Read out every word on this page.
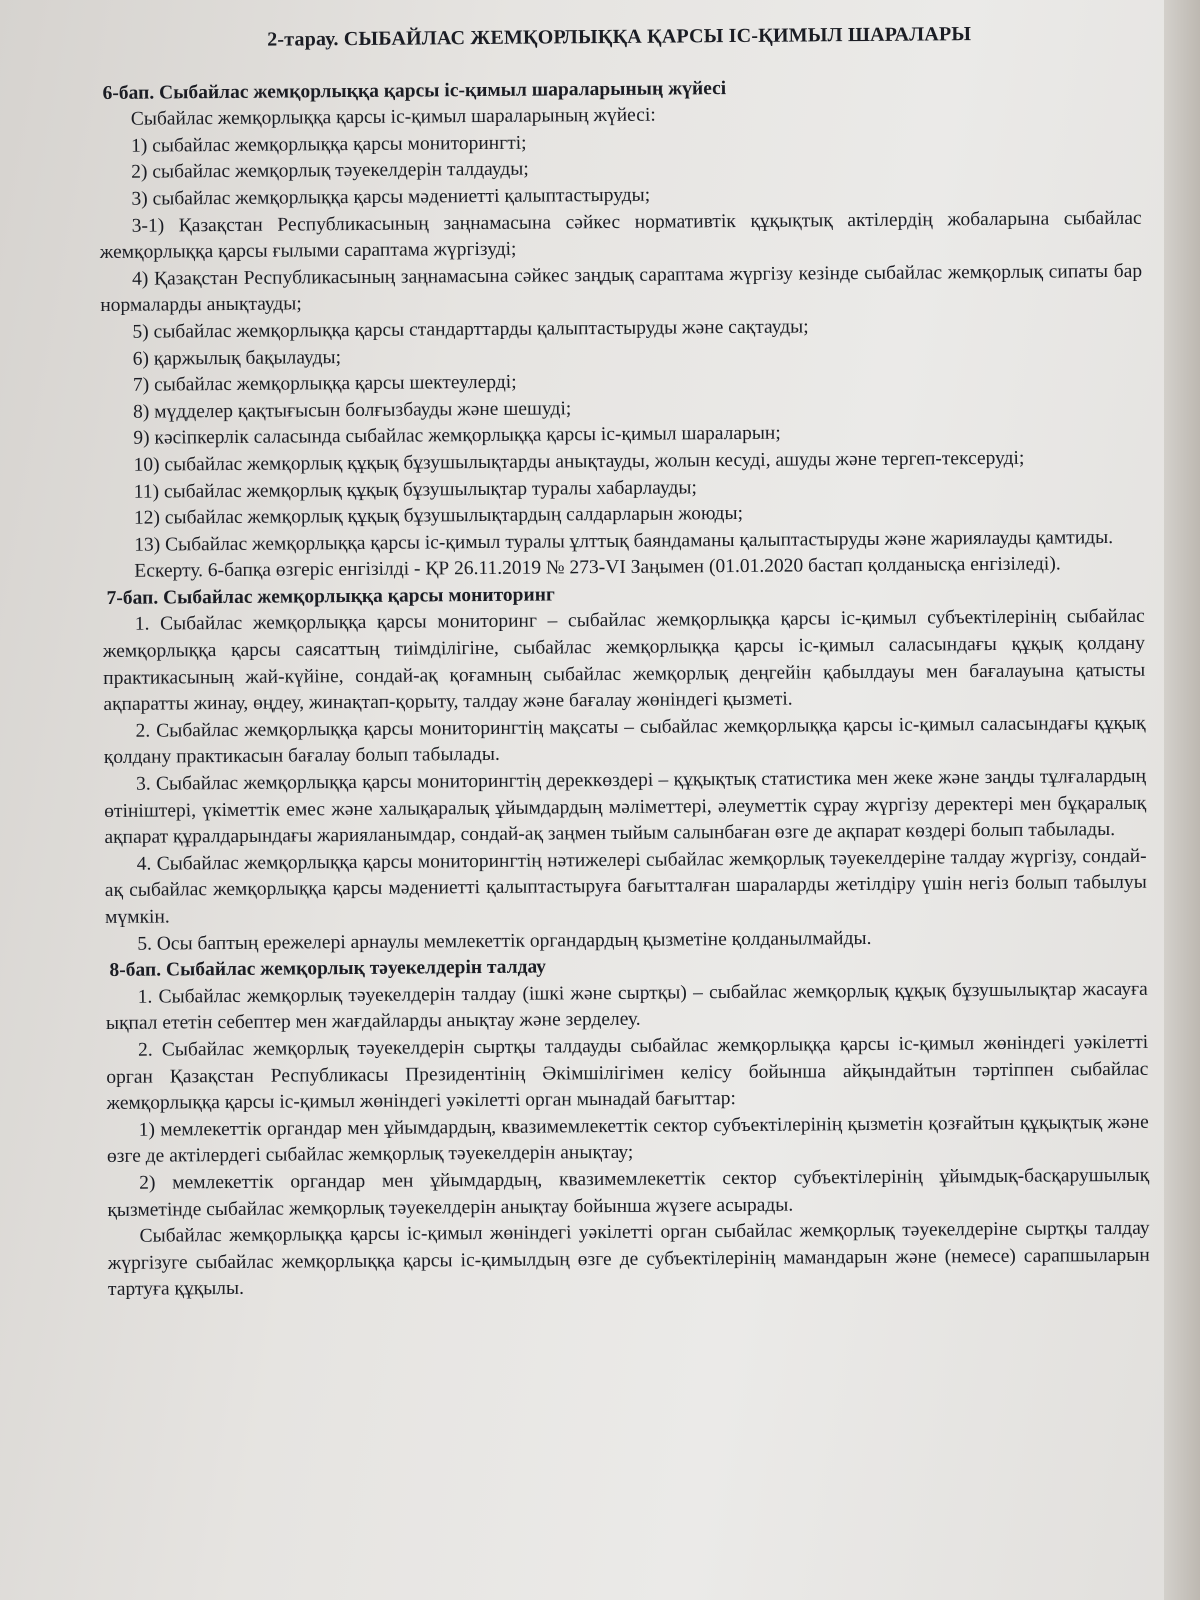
2-тарау. СЫБАЙЛАС ЖЕМҚОРЛЫҚҚА ҚАРСЫ ІС-ҚИМЫЛ ШАРАЛАРЫ
6-бап. Сыбайлас жемқорлыққа қарсы іс-қимыл шараларының жүйесі
Сыбайлас жемқорлыққа қарсы іс-қимыл шараларының жүйесі:
1) сыбайлас жемқорлыққа қарсы мониторингті;
2) сыбайлас жемқорлық тәуекелдерін талдауды;
3) сыбайлас жемқорлыққа қарсы мәдениетті қалыптастыруды;
3-1) Қазақстан Республикасының заңнамасына сәйкес нормативтік құқықтық актілердің жобаларына сыбайлас жемқорлыққа қарсы ғылыми сараптама жүргізуді;
4) Қазақстан Республикасының заңнамасына сәйкес заңдық сараптама жүргізу кезінде сыбайлас жемқорлық сипаты бар нормаларды анықтауды;
5) сыбайлас жемқорлыққа қарсы стандарттарды қалыптастыруды және сақтауды;
6) қаржылық бақылауды;
7) сыбайлас жемқорлыққа қарсы шектеулерді;
8) мүдделер қақтығысын болғызбауды және шешуді;
9) кәсіпкерлік саласында сыбайлас жемқорлыққа қарсы іс-қимыл шараларын;
10) сыбайлас жемқорлық құқық бұзушылықтарды анықтауды, жолын кесуді, ашуды және тергеп-тексеруді;
11) сыбайлас жемқорлық құқық бұзушылықтар туралы хабарлауды;
12) сыбайлас жемқорлық құқық бұзушылықтардың салдарларын жоюды;
13) Сыбайлас жемқорлыққа қарсы іс-қимыл туралы ұлттық баяндаманы қалыптастыруды және жариялауды қамтиды.
Ескерту. 6-бапқа өзгеріс енгізілді - ҚР 26.11.2019 № 273-VI Заңымен (01.01.2020 бастап қолданысқа енгізіледі).
7-бап. Сыбайлас жемқорлыққа қарсы мониторинг
1. Сыбайлас жемқорлыққа қарсы мониторинг – сыбайлас жемқорлыққа қарсы іс-қимыл субъектілерінің сыбайлас жемқорлыққа қарсы саясаттың тиімділігіне, сыбайлас жемқорлыққа қарсы іс-қимыл саласындағы құқық қолдану практикасының жай-күйіне, сондай-ақ қоғамның сыбайлас жемқорлық деңгейін қабылдауы мен бағалауына қатысты ақпаратты жинау, өңдеу, жинақтап-қорыту, талдау және бағалау жөніндегі қызметі.
2. Сыбайлас жемқорлыққа қарсы мониторингтің мақсаты – сыбайлас жемқорлыққа қарсы іс-қимыл саласындағы құқық қолдану практикасын бағалау болып табылады.
3. Сыбайлас жемқорлыққа қарсы мониторингтің дереккөздері – құқықтық статистика мен жеке және заңды тұлғалардың өтініштері, үкіметтік емес және халықаралық ұйымдардың мәліметтері, әлеуметтік сұрау жүргізу деректері мен бұқаралық ақпарат құралдарындағы жарияланымдар, сондай-ақ заңмен тыйым салынбаған өзге де ақпарат көздері болып табылады.
4. Сыбайлас жемқорлыққа қарсы мониторингтің нәтижелері сыбайлас жемқорлық тәуекелдеріне талдау жүргізу, сондай-ақ сыбайлас жемқорлыққа қарсы мәдениетті қалыптастыруға бағытталған шараларды жетілдіру үшін негіз болып табылуы мүмкін.
5. Осы баптың ережелері арнаулы мемлекеттік органдардың қызметіне қолданылмайды.
8-бап. Сыбайлас жемқорлық тәуекелдерін талдау
1. Сыбайлас жемқорлық тәуекелдерін талдау (ішкі және сыртқы) – сыбайлас жемқорлық құқық бұзушылықтар жасауға ықпал ететін себептер мен жағдайларды анықтау және зерделеу.
2. Сыбайлас жемқорлық тәуекелдерін сыртқы талдауды сыбайлас жемқорлыққа қарсы іс-қимыл жөніндегі уәкілетті орган Қазақстан Республикасы Президентінің Әкімшілігімен келісу бойынша айқындайтын тәртіппен сыбайлас жемқорлыққа қарсы іс-қимыл жөніндегі уәкілетті орган мынадай бағыттар:
1) мемлекеттік органдар мен ұйымдардың, квазимемлекеттік сектор субъектілерінің қызметін қозғайтын құқықтық және өзге де актілердегі сыбайлас жемқорлық тәуекелдерін анықтау;
2) мемлекеттік органдар мен ұйымдардың, квазимемлекеттік сектор субъектілерінің ұйымдық-басқарушылық қызметінде сыбайлас жемқорлық тәуекелдерін анықтау бойынша жүзеге асырады.
Сыбайлас жемқорлыққа қарсы іс-қимыл жөніндегі уәкілетті орган сыбайлас жемқорлық тәуекелдеріне сыртқы талдау жүргізуге сыбайлас жемқорлыққа қарсы іс-қимылдың өзге де субъектілерінің мамандарын және (немесе) сарапшыларын тартуға құқылы.
